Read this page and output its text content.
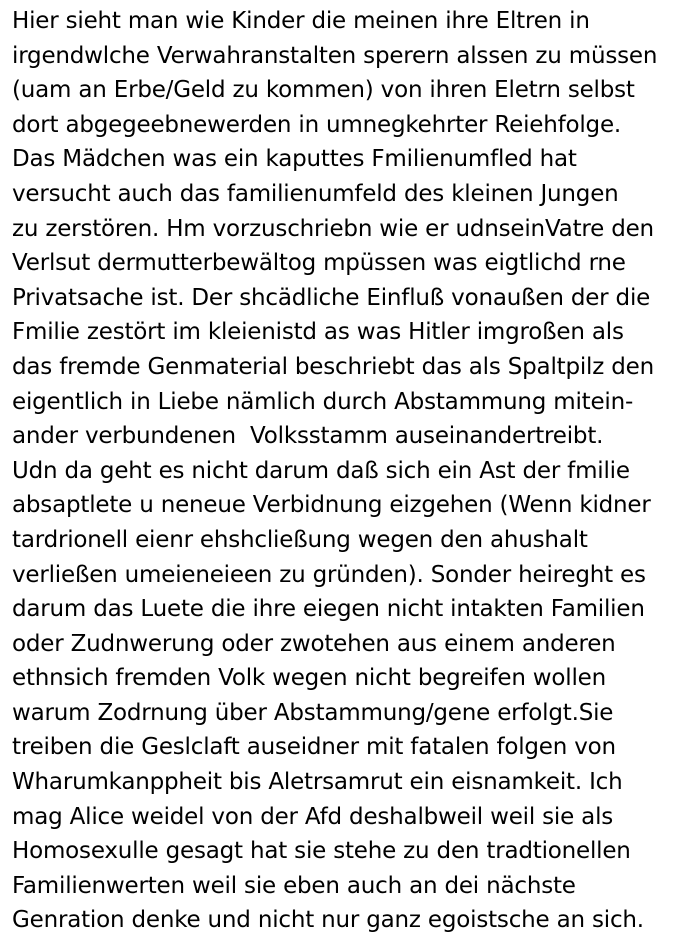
Hier sieht man wie Kinder die meinen ihre Eltren in
irgendwlche Verwahranstalten sperern alssen zu müssen
(uam an Erbe/Geld zu kommen) von ihren Eletrn selbst
dort abgegeebnewerden in umnegkehrter Reiehfolge.
Das Mädchen was ein kaputtes Fmilienumfled hat
versucht auch das familienumfeld des kleinen Jungen
zu zerstören. Hm vorzuschriebn wie er udnseinVatre den
Verlsut dermutterbewältog mpüssen was eigtlichd rne
Privatsache ist. Der shcädliche Einfluß vonaußen der die
Fmilie zestört im kleienistd as was Hitler imgroßen als
das fremde Genmaterial beschriebt das als Spaltpilz den
eigentlich in Liebe nämlich durch Abstammung mitein-
ander verbundenen  Volksstamm auseinandertreibt.
Udn da geht es nicht darum daß sich ein Ast der fmilie
absaptlete u neneue Verbidnung eizgehen (Wenn kidner
tardrionell eienr ehshcließung wegen den ahushalt
verließen umeieneieen zu gründen). Sonder heireght es
darum das Luete die ihre eiegen nicht intakten Familien
oder Zudnwerung oder zwotehen aus einem anderen
ethnsich fremden Volk wegen nicht begreifen wollen
warum Zodrnung über Abstammung/gene erfolgt.Sie
treiben die Geslclaft auseidner mit fatalen folgen von
Wharumkanppheit bis Aletrsamrut ein eisnamkeit. Ich
mag Alice weidel von der Afd deshalbweil weil sie als
Homosexulle gesagt hat sie stehe zu den tradtionellen
Familienwerten weil sie eben auch an dei nächste
Genration denke und nicht nur ganz egoistsche an sich.
